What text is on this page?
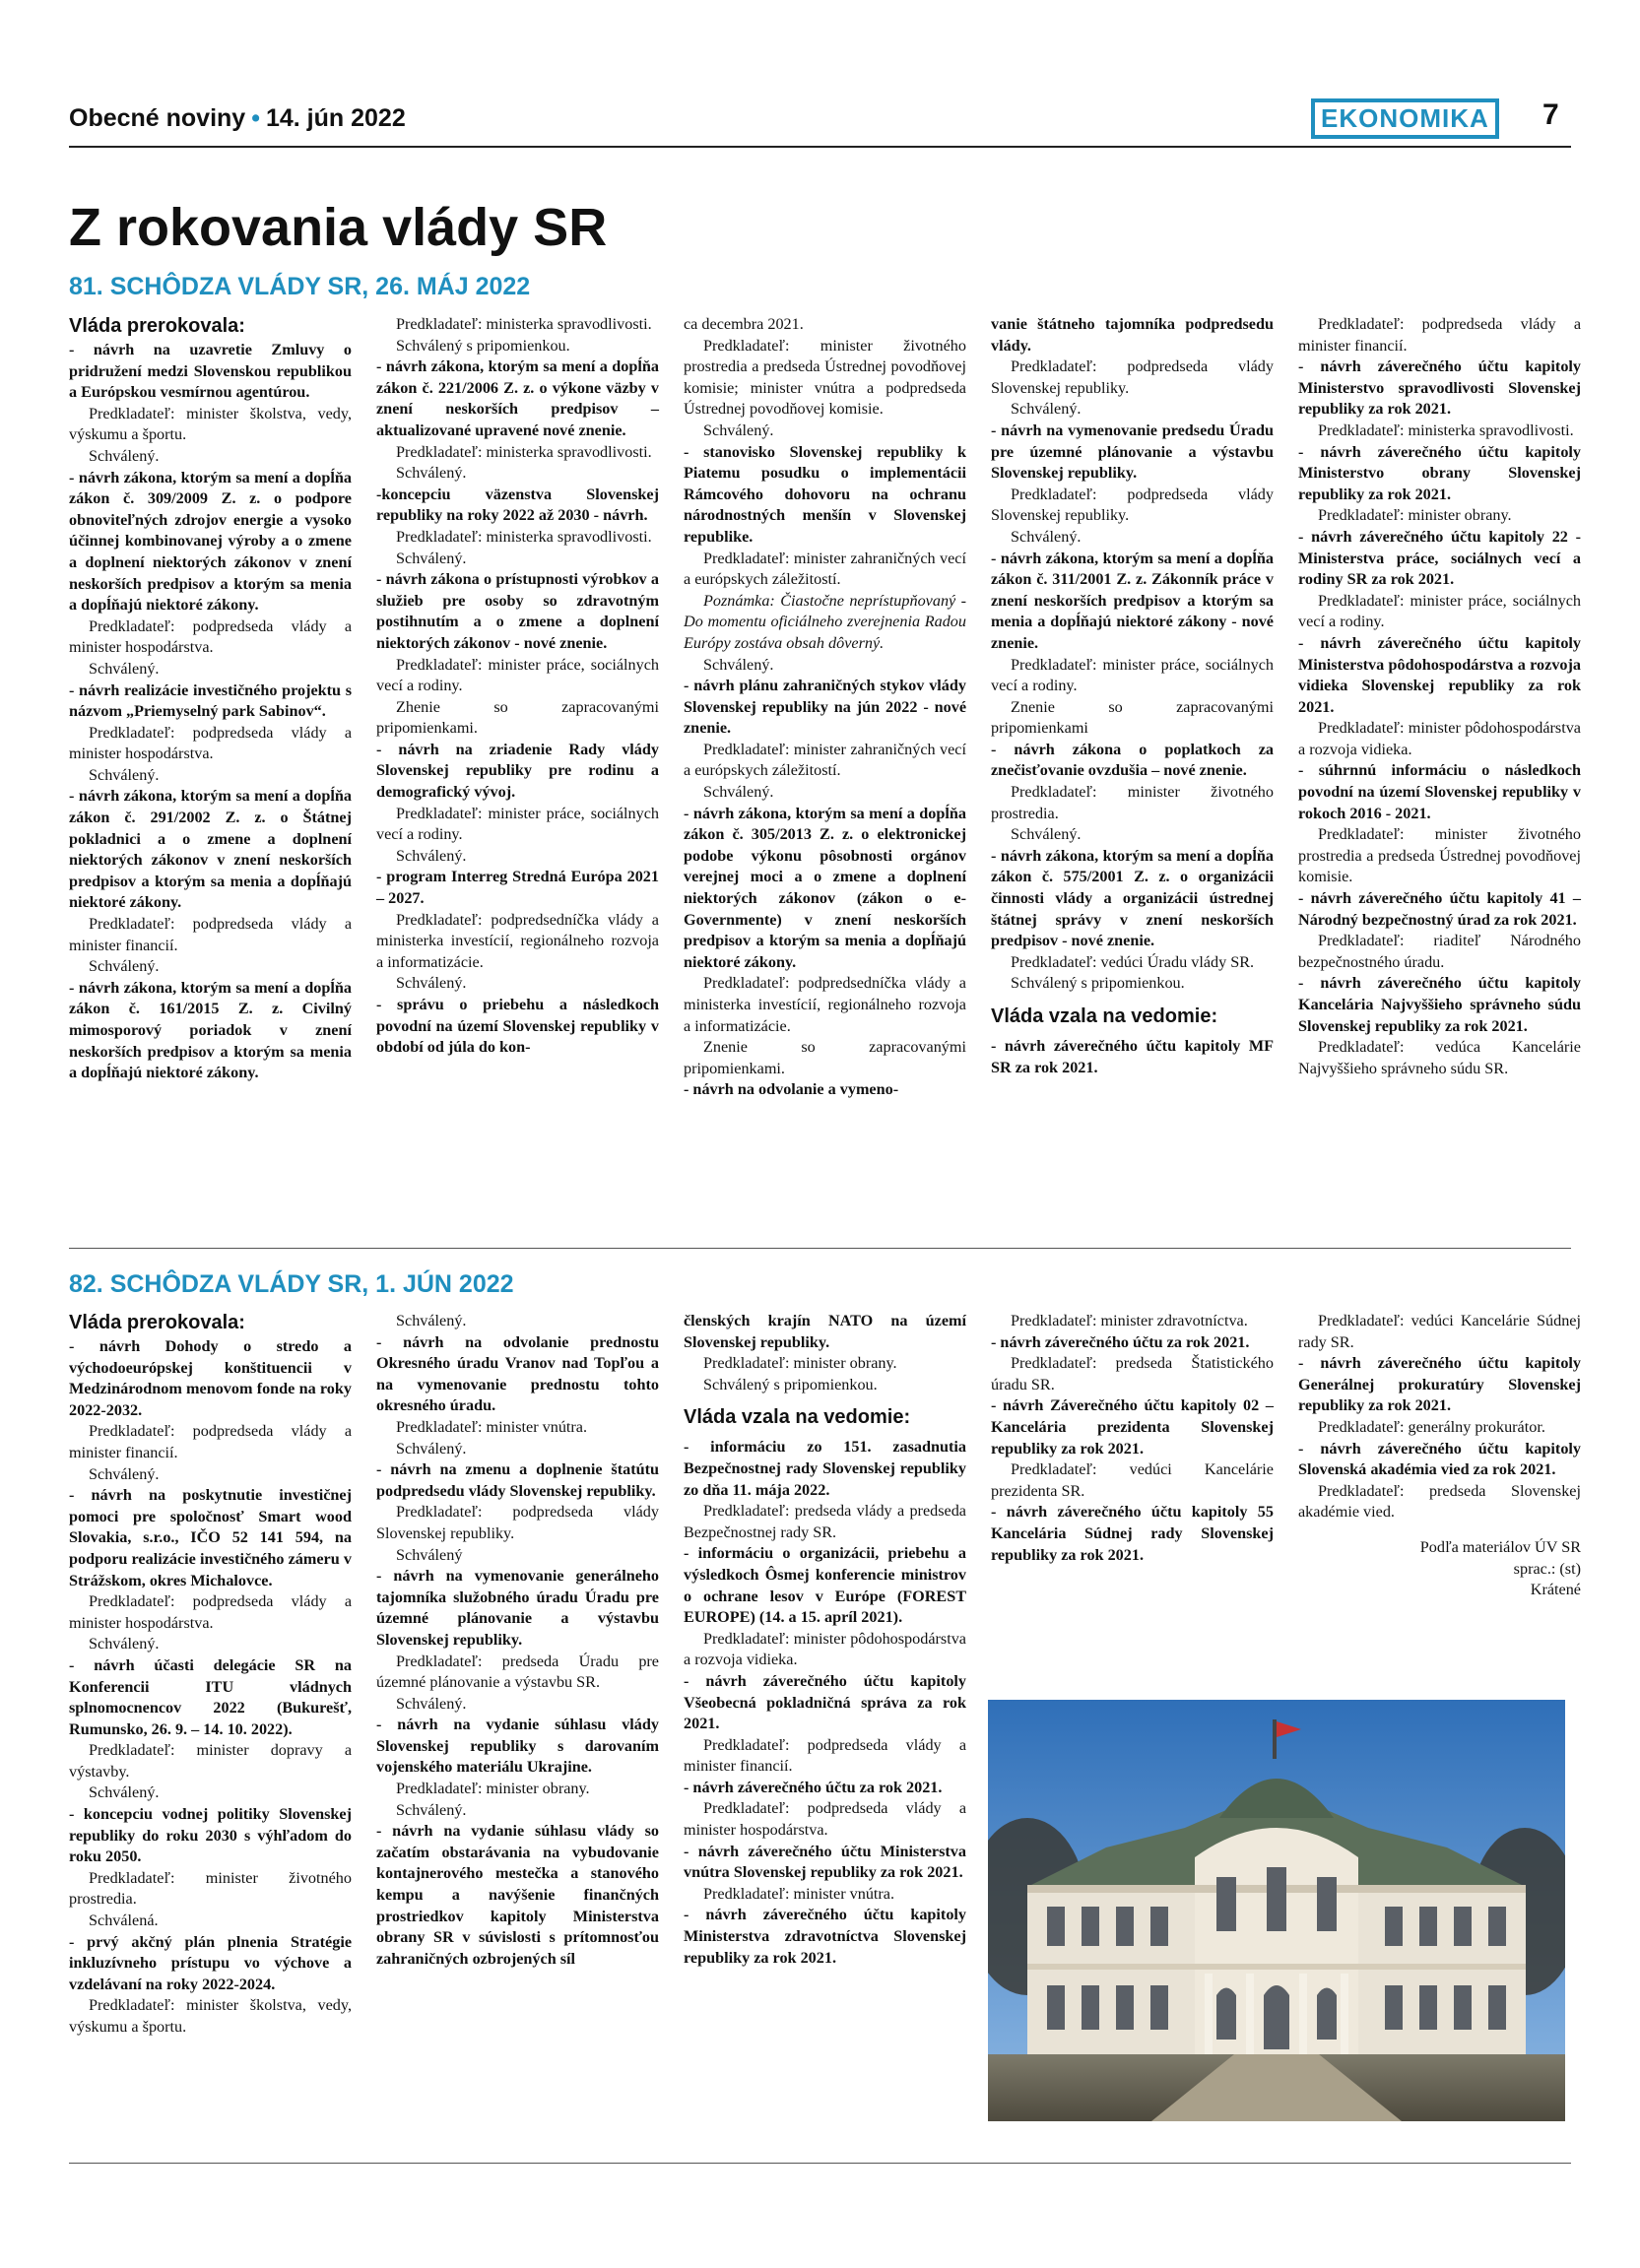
Obecné noviny • 14. jún 2022	EKONOMIKA	7
Z rokovania vlády SR
81. SCHÔDZA VLÁDY SR, 26. MÁJ 2022
Vláda prerokovala:

- návrh na uzavretie Zmluvy o pridružení medzi Slovenskou republikou a Európskou vesmírnou agentúrou.

Predkladateľ: minister školstva, vedy, výskumu a športu.

Schválený.

- návrh zákona, ktorým sa mení a dopĺňa zákon č. 309/2009 Z. z. o podpore obnoviteľných zdrojov energie a vysoko účinnej kombinovanej výroby a o zmene a doplnení niektorých zákonov v znení neskorších predpisov a ktorým sa menia a dopĺňajú niektoré zákony.

Predkladateľ: podpredseda vlády a minister hospodárstva.

Schválený.

- návrh realizácie investičného projektu s názvom „Priemyselný park Sabinov“.

Predkladateľ: podpredseda vlády a minister hospodárstva.

Schválený.

- návrh zákona, ktorým sa mení a dopĺňa zákon č. 291/2002 Z. z. o Štátnej pokladnici a o zmene a doplnení niektorých zákonov v znení neskorších predpisov a ktorým sa menia a dopĺňajú niektoré zákony.

Predkladateľ: podpredseda vlády a minister financií.

Schválený.

- návrh zákona, ktorým sa mení a dopĺňa zákon č. 161/2015 Z. z. Civilný mimosporový poriadok v znení neskorších predpisov a ktorým sa menia a dopĺňajú niektoré zákony.

Predkladateľ: ministerka spravodlivosti.

Schválený s pripomienkou.

- návrh zákona, ktorým sa mení a dopĺňa zákon č. 221/2006 Z. z. o výkone väzby v znení neskorších predpisov – aktualizované upravené nové znenie.

Predkladateľ: ministerka spravodlivosti.

Schválený.

-koncepciu väzenstva Slovenskej republiky na roky 2022 až 2030 - návrh.

Predkladateľ: ministerka spravodlivosti.

Schválený.

- návrh zákona o prístupnosti výrobkov a služieb pre osoby so zdravotným postihnutím a o zmene a doplnení niektorých zákonov - nové znenie.

Predkladateľ: minister práce, sociálnych vecí a rodiny.

Zhenie so zapracovanými pripomienkami.

- návrh na zriadenie Rady vlády Slovenskej republiky pre rodinu a demografický vývoj.

Predkladateľ: minister práce, sociálnych vecí a rodiny.

Schválený.

- program Interreg Stredná Európa 2021 – 2027.

Predkladateľ: podpredsedníčka vlády a ministerka investícií, regionálneho rozvoja a informatizácie.

Schválený.

- správu o priebehu a následkoch povodní na území Slovenskej republiky v období od júla do kon-

ca decembra 2021.

Predkladateľ: minister životného prostredia a predseda Ústrednej povodňovej komisie; minister vnútra a podpredseda Ústrednej povodňovej komisie.

Schválený.

- stanovisko Slovenskej republiky k Piatemu posudku o implementácii Rámcového dohovoru na ochranu národnostných menšín v Slovenskej republike.

Predkladateľ: minister zahraničných vecí a európskych záležitostí.

Poznámka: Čiastočne neprístupňovaný - Do momentu oficiálneho zverejnenia Radou Európy zostáva obsah dôverný.

Schválený.

- návrh plánu zahraničných stykov vlády Slovenskej republiky na jún 2022 - nové znenie.

Predkladateľ: minister zahraničných vecí a európskych záležitostí.

Schválený.

- návrh zákona, ktorým sa mení a dopĺňa zákon č. 305/2013 Z. z. o elektronickej podobe výkonu pôsobnosti orgánov verejnej moci a o zmene a doplnení niektorých zákonov (zákon o e-Governmente) v znení neskorších predpisov a ktorým sa menia a dopĺňajú niektoré zákony.

Predkladateľ: podpredsedníčka vlády a ministerka investícií, regionálneho rozvoja a informatizácie.

Znenie so zapracovanými pripomienkami.

- návrh na odvolanie a vymeno-

vanie štátneho tajomníka podpredsedu vlády.

Predkladateľ: podpredseda vlády Slovenskej republiky.

Schválený.

- návrh na vymenovanie predsedu Úradu pre územné plánovanie a výstavbu Slovenskej republiky.

Predkladateľ: podpredseda vlády Slovenskej republiky.

Schválený.

- návrh zákona, ktorým sa mení a dopĺňa zákon č. 311/2001 Z. z. Zákonník práce v znení neskorších predpisov a ktorým sa menia a dopĺňajú niektoré zákony - nové znenie.

Predkladateľ: minister práce, sociálnych vecí a rodiny.

Znenie so zapracovanými pripomienkami

- návrh zákona o poplatkoch za znečisťovanie ovzdušia – nové znenie.

Predkladateľ: minister životného prostredia.

Schválený.

- návrh zákona, ktorým sa mení a dopĺňa zákon č. 575/2001 Z. z. o organizácii činnosti vlády a organizácii ústrednej štátnej správy v znení neskorších predpisov - nové znenie.

Predkladateľ: vedúci Úradu vlády SR.

Schválený s pripomienkou.

Vláda vzala na vedomie:

- návrh záverečného účtu kapitoly MF SR za rok 2021.

Predkladateľ: podpredseda vlády a minister financií.

- návrh záverečného účtu kapitoly Ministerstvo spravodlivosti Slovenskej republiky za rok 2021.

Predkladateľ: ministerka spravodlivosti.

- návrh záverečného účtu kapitoly Ministerstvo obrany Slovenskej republiky za rok 2021.

Predkladateľ: minister obrany.

- návrh záverečného účtu kapitoly 22 - Ministerstva práce, sociálnych vecí a rodiny SR za rok 2021.

Predkladateľ: minister práce, sociálnych vecí a rodiny.

- návrh záverečného účtu kapitoly Ministerstva pôdohospodárstva a rozvoja vidieka Slovenskej republiky za rok 2021.

Predkladateľ: minister pôdohospodárstva a rozvoja vidieka.

- súhrnnú informáciu o následkoch povodní na území Slovenskej republiky v rokoch 2016 - 2021.

Predkladateľ: minister životného prostredia a predseda Ústrednej povodňovej komisie.

- návrh záverečného účtu kapitoly 41 – Národný bezpečnostný úrad za rok 2021.

Predkladateľ: riaditeľ Národného bezpečnostného úradu.

- návrh záverečného účtu kapitoly Kancelária Najvyššieho správneho súdu Slovenskej republiky za rok 2021.

Predkladateľ: vedúca Kancelárie Najvyššieho správneho súdu SR.

82. SCHÔDZA VLÁDY SR, 1. JÚN 2022
Vláda prerokovala:

- návrh Dohody o stredo a východoeurópskej konštituencii v Medzinárodnom menovom fonde na roky 2022-2032.

Predkladateľ: podpredseda vlády a minister financií.

Schválený.

- návrh na poskytnutie investičnej pomoci pre spoločnosť Smart wood Slovakia, s.r.o., IČO 52 141 594, na podporu realizácie investičného zámeru v Strážskom, okres Michalovce.

Predkladateľ: podpredseda vlády a minister hospodárstva.

Schválený.

- návrh účasti delegácie SR na Konferencii ITU vládnych splnomocnencov 2022 (Bukurešť, Rumunsko, 26. 9. – 14. 10. 2022).

Predkladateľ: minister dopravy a výstavby.

Schválený.

- koncepciu vodnej politiky Slovenskej republiky do roku 2030 s výhľadom do roku 2050.

Predkladateľ: minister životného prostredia.

Schválená.

- prvý akčný plán plnenia Stratégie inkluzívneho prístupu vo výchove a vzdelávaní na roky 2022-2024.

Predkladateľ: minister školstva, vedy, výskumu a športu.

Schválený.

- návrh na odvolanie prednostu Okresného úradu Vranov nad Topľou a na vymenovanie prednostu tohto okresného úradu.

Predkladateľ: minister vnútra.

Schválený.

- návrh na zmenu a doplnenie štatútu podpredsedu vlády Slovenskej republiky.

Predkladateľ: podpredseda vlády Slovenskej republiky.

Schválený

- návrh na vymenovanie generálneho tajomníka služobného úradu Úradu pre územné plánovanie a výstavbu Slovenskej republiky.

Predkladateľ: predseda Úradu pre územné plánovanie a výstavbu SR.

Schválený.

- návrh na vydanie súhlasu vlády Slovenskej republiky s darovaním vojenského materiálu Ukrajine.

Predkladateľ: minister obrany.

Schválený.

- návrh na vydanie súhlasu vlády so začatím obstarávania na vybudovanie kontajnerového mestečka a stanového kempu a navýšenie finančných prostriedkov kapitoly Ministerstva obrany SR v súvislosti s prítomnosťou zahraničných ozbrojených síl

členských krajín NATO na území Slovenskej republiky.

Predkladateľ: minister obrany.

Schválený s pripomienkou.

Vláda vzala na vedomie:

- informáciu zo 151. zasadnutia Bezpečnostnej rady Slovenskej republiky zo dňa 11. mája 2022.

Predkladateľ: predseda vlády a predseda Bezpečnostnej rady SR.

- informáciu o organizácii, priebehu a výsledkoch Ôsmej konferencie ministrov o ochrane lesov v Európe (FOREST EUROPE) (14. a 15. apríl 2021).

Predkladateľ: minister pôdohospodárstva a rozvoja vidieka.

- návrh záverečného účtu kapitoly Všeobecná pokladničná správa za rok 2021.

Predkladateľ: podpredseda vlády a minister financií.

- návrh záverečného účtu za rok 2021.

Predkladateľ: podpredseda vlády a minister hospodárstva.

- návrh záverečného účtu Ministerstva vnútra Slovenskej republiky za rok 2021.

Predkladateľ: minister vnútra.

- návrh záverečného účtu kapitoly Ministerstva zdravotníctva Slovenskej republiky za rok 2021.

Predkladateľ: minister zdravotníctva.

- návrh záverečného účtu za rok 2021.

Predkladateľ: predseda Štatistického úradu SR.

- návrh Záverečného účtu kapitoly 02 – Kancelária prezidenta Slovenskej republiky za rok 2021.

Predkladateľ: vedúci Kancelárie prezidenta SR.

- návrh záverečného účtu kapitoly 55 Kancelária Súdnej rady Slovenskej republiky za rok 2021.

Predkladateľ: vedúci Kancelárie Súdnej rady SR.

- návrh záverečného účtu kapitoly Generálnej prokuratúry Slovenskej republiky za rok 2021.

Predkladateľ: generálny prokurátor.

- návrh záverečného účtu kapitoly Slovenská akadémia vied za rok 2021.

Predkladateľ: predseda Slovenskej akadémie vied.

Podľa materiálov ÚV SR

sprac.: (st)

Krátené
